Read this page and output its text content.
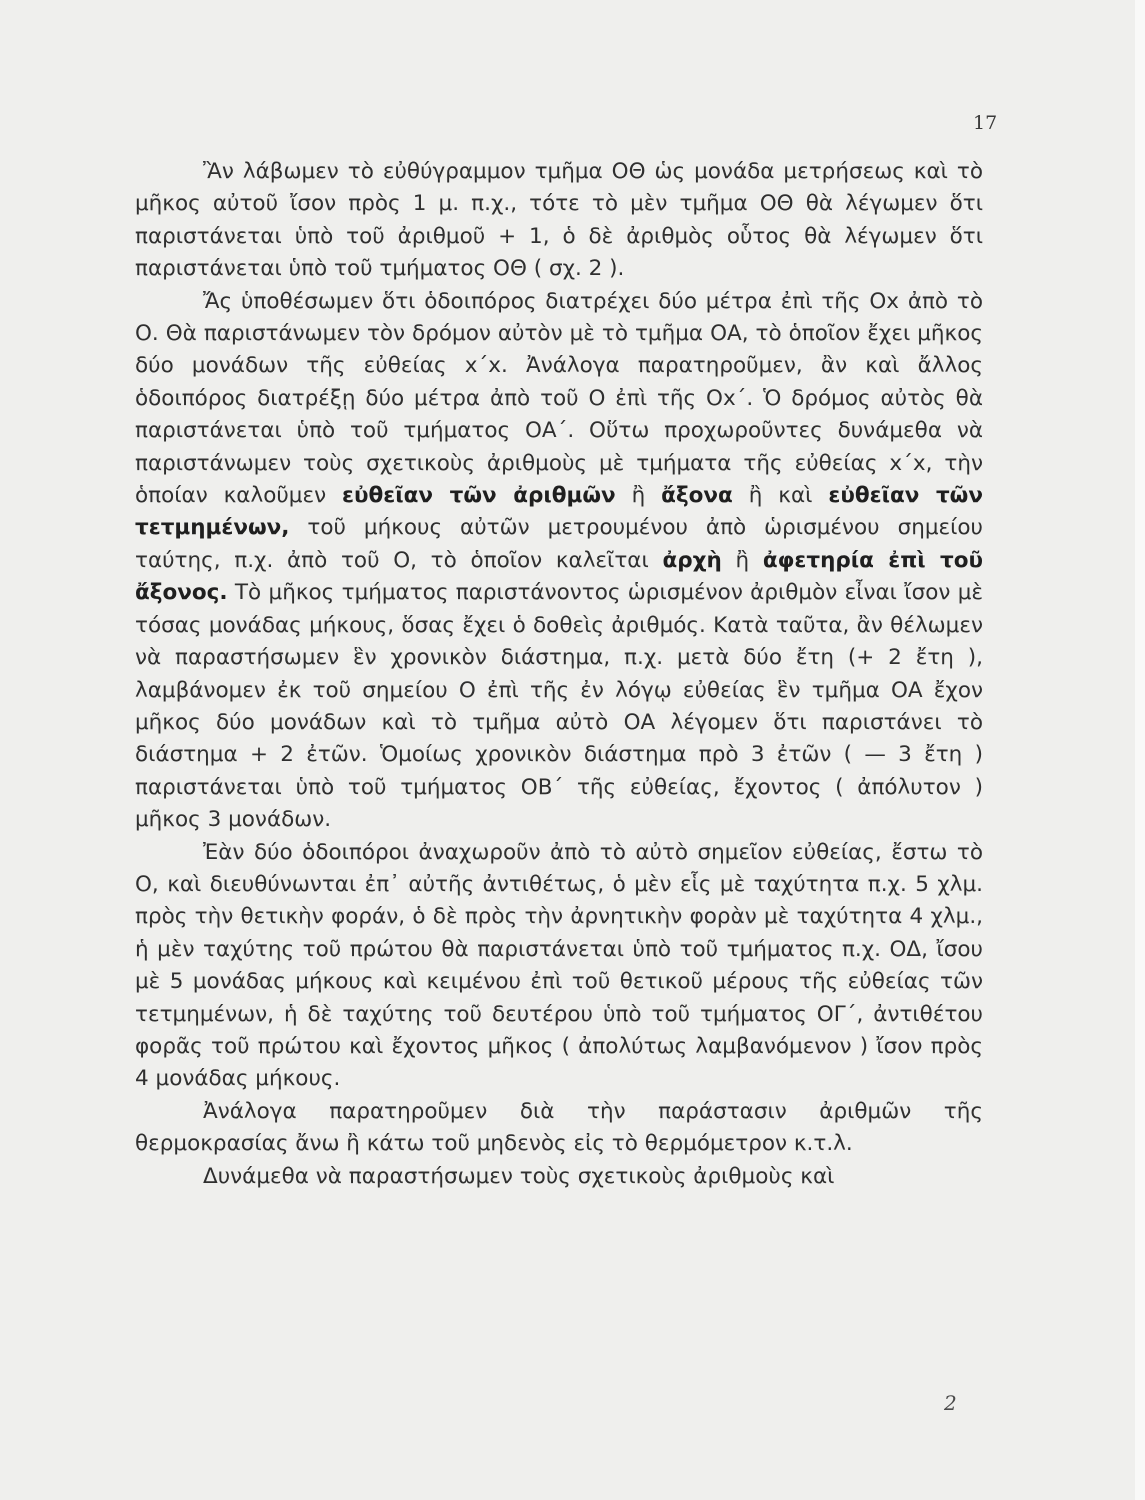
17

Ἂν λάβωμεν τὸ εὐθύγραμμον τμῆμα ΟΘ ὡς μονάδα μετρήσεως καὶ τὸ μῆκος αὐτοῦ ἴσον πρὸς 1 μ. π.χ., τότε τὸ μὲν τμῆμα ΟΘ θὰ λέγωμεν ὅτι παριστάνεται ὑπὸ τοῦ ἀριθμοῦ + 1, ὁ δὲ ἀριθμὸς οὗτος θὰ λέγωμεν ὅτι παριστάνεται ὑπὸ τοῦ τμήματος ΟΘ ( σχ. 2 ).

Ἄς ὑποθέσωμεν ὅτι ὁδοιπόρος διατρέχει δύο μέτρα ἐπὶ τῆς Οx ἀπὸ τὸ Ο. Θὰ παριστάνωμεν τὸν δρόμον αὐτὸν μὲ τὸ τμῆμα ΟΑ, τὸ ὁποῖον ἔχει μῆκος δύο μονάδων τῆς εὐθείας x΄x. Ἀνάλογα παρατηροῦμεν, ἂν καὶ ἄλλος ὁδοιπόρος διατρέξῃ δύο μέτρα ἀπὸ τοῦ Ο ἐπὶ τῆς Οx΄. Ὁ δρόμος αὐτὸς θὰ παριστάνεται ὑπὸ τοῦ τμήματος ΟΑ΄. Οὕτω προχωροῦντες δυνάμεθα νὰ παριστάνωμεν τοὺς σχετικοὺς ἀριθμοὺς μὲ τμήματα τῆς εὐθείας x΄x, τὴν ὁποίαν καλοῦμεν εὐθεῖαν τῶν ἀριθμῶν ἢ ἄξονα ἢ καὶ εὐθεῖαν τῶν τετμημένων, τοῦ μήκους αὐτῶν μετρουμένου ἀπὸ ὡρισμένου σημείου ταύτης, π.χ. ἀπὸ τοῦ Ο, τὸ ὁποῖον καλεῖται ἀρχὴ ἢ ἀφετηρία ἐπὶ τοῦ ἄξονος. Τὸ μῆκος τμήματος παριστάνοντος ὡρισμένον ἀριθμὸν εἶναι ἴσον μὲ τόσας μονάδας μήκους, ὅσας ἔχει ὁ δοθεὶς ἀριθμός. Κατὰ ταῦτα, ἂν θέλωμεν νὰ παραστήσωμεν ἓν χρονικὸν διάστημα, π.χ. μετὰ δύο ἔτη (+ 2 ἔτη ), λαμβάνομεν ἐκ τοῦ σημείου Ο ἐπὶ τῆς ἐν λόγῳ εὐθείας ἓν τμῆμα ΟΑ ἔχον μῆκος δύο μονάδων καὶ τὸ τμῆμα αὐτὸ ΟΑ λέγομεν ὅτι παριστάνει τὸ διάστημα + 2 ἐτῶν. Ὁμοίως χρονικὸν διάστημα πρὸ 3 ἐτῶν ( — 3 ἔτη ) παριστάνεται ὑπὸ τοῦ τμήματος ΟΒ΄ τῆς εὐθείας, ἔχοντος ( ἀπόλυτον ) μῆκος 3 μονάδων.

Ἐὰν δύο ὁδοιπόροι ἀναχωροῦν ἀπὸ τὸ αὐτὸ σημεῖον εὐθείας, ἔστω τὸ Ο, καὶ διευθύνωνται ἐπ᾽ αὐτῆς ἀντιθέτως, ὁ μὲν εἷς μὲ ταχύτητα π.χ. 5 χλμ. πρὸς τὴν θετικὴν φοράν, ὁ δὲ πρὸς τὴν ἀρνητικὴν φορὰν μὲ ταχύτητα 4 χλμ., ἡ μὲν ταχύτης τοῦ πρώτου θὰ παριστάνεται ὑπὸ τοῦ τμήματος π.χ. ΟΔ, ἴσου μὲ 5 μονάδας μήκους καὶ κειμένου ἐπὶ τοῦ θετικοῦ μέρους τῆς εὐθείας τῶν τετμημένων, ἡ δὲ ταχύτης τοῦ δευτέρου ὑπὸ τοῦ τμήματος ΟΓ΄, ἀντιθέτου φορᾶς τοῦ πρώτου καὶ ἔχοντος μῆκος ( ἀπολύτως λαμβανόμενον ) ἴσον πρὸς 4 μονάδας μήκους.

Ἀνάλογα παρατηροῦμεν διὰ τὴν παράστασιν ἀριθμῶν τῆς θερμοκρασίας ἄνω ἢ κάτω τοῦ μηδενὸς εἰς τὸ θερμόμετρον κ.τ.λ.

Δυνάμεθα νὰ παραστήσωμεν τοὺς σχετικοὺς ἀριθμοὺς καὶ

2
